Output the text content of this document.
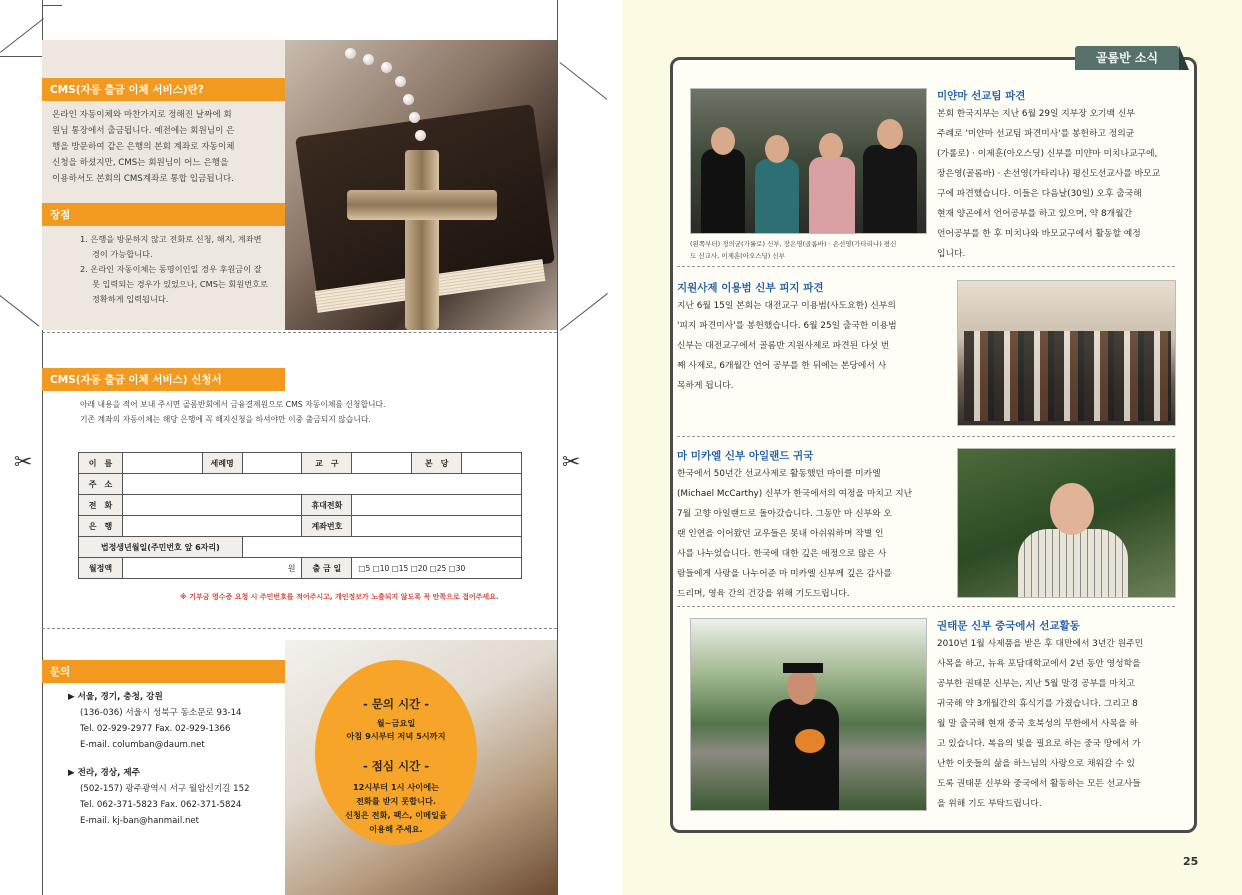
CMS(자동 출금 이체 서비스)란?
온라인 자동이체와 마찬가지로 정해진 날짜에 회
원님 통장에서 출금됩니다. 예전에는 회원님이 은
행을 방문하여 같은 은행의 본회 계좌로 자동이체
신청을 하셨지만, CMS는 회원님이 어느 은행을
이용하셔도 본회의 CMS계좌로 통합 입금됩니다.
장점
1. 은행을 방문하지 않고 전화로 신청, 해지, 계좌변
경이 가능합니다.
2. 온라인 자동이체는 동명이인일 경우 후원금이 잘
못 입력되는 경우가 있었으나, CMS는 회원번호로
정확하게 입력됩니다.
CMS(자동 출금 이체 서비스) 신청서
아래 내용을 적어 보내 주시면 골롬반회에서 금융결제원으로 CMS 자동이체를 신청합니다.
기존 계좌의 자동이체는 해당 은행에 꼭 해지신청을 하셔야만 이중 출금되지 않습니다.
✂	✂
이　름		세례명		교　구		본　당	
주　소							
전　화				휴대전화			
은　행				계좌번호			
법정생년월일(주민번호 앞 6자리)							
월정액	원			출 금 일	□5 □10 □15 □20 □25 □30		
※ 기부금 영수증 요청 시 주민번호를 적어주시고, 개인정보가 노출되지 않도록 꼭 안쪽으로 접어주세요.
문의
▶ 서울, 경기, 충청, 강원
(136-036) 서울시 성북구 동소문로 93-14
Tel. 02-929-2977 Fax. 02-929-1366
E-mail. columban@daum.net
▶ 전라, 경상, 제주
(502-157) 광주광역시 서구 월암신기길 152
Tel. 062-371-5823 Fax. 062-371-5824
E-mail. kj-ban@hanmail.net
- 문의 시간 -
월~금요일
아침 9시부터 저녁 5시까지
- 점심 시간 -
12시부터 1시 사이에는
전화를 받지 못합니다.
신청은 전화, 팩스, 이메일을
이용해 주세요.
골롬반 소식
(왼쪽부터) 정의균(가롤로) 신부, 장은영(골롬바) · 손선영(가타리나) 평신
도 선교사, 이제훈(아오스딩) 신부
미얀마 선교팀 파견
본회 한국지부는 지난 6월 29일 지부장 오기백 신부
주례로 '미얀마 선교팀 파견미사'를 봉헌하고 정의균
(가롤로) · 이제훈(아오스딩) 신부를 미얀마 미치나교구에,
장은영(골롬바) · 손선영(가타리나) 평신도선교사를 바모교
구에 파견했습니다. 이들은 다음날(30일) 오후 출국해
현재 양곤에서 언어공부를 하고 있으며, 약 8개월간
언어공부를 한 후 미치나와 바모교구에서 활동할 예정
입니다.
지원사제 이용범 신부 피지 파견
지난 6월 15일 본회는 대전교구 이용범(사도요한) 신부의
'피지 파견미사'를 봉헌했습니다. 6월 25일 출국한 이용범
신부는 대전교구에서 골롬반 지원사제로 파견된 다섯 번
째 사제로, 6개월간 언어 공부를 한 뒤에는 본당에서 사
목하게 됩니다.
마 미카엘 신부 아일랜드 귀국
한국에서 50년간 선교사제로 활동했던 마이클 미카엘
(Michael McCarthy) 신부가 한국에서의 여정을 마치고 지난
7월 고향 아일랜드로 돌아갔습니다. 그동안 마 신부와 오
랜 인연을 이어왔던 교우들은 못내 아쉬워하며 작별 인
사를 나누었습니다. 한국에 대한 깊은 애정으로 많은 사
람들에게 사랑을 나누어준 마 미카엘 신부께 깊은 감사를
드리며, 영육 간의 건강을 위해 기도드립니다.
권태문 신부 중국에서 선교활동
2010년 1월 사제품을 받은 후 대만에서 3년간 원주민
사목을 하고, 뉴욕 포담대학교에서 2년 동안 영성학을
공부한 권태문 신부는, 지난 5월 말경 공부를 마치고
귀국해 약 3개월간의 휴식기를 가졌습니다. 그리고 8
월 말 출국해 현재 중국 호북성의 무한에서 사목을 하
고 있습니다. 복음의 빛을 필요로 하는 중국 땅에서 가
난한 이웃들의 삶을 하느님의 사랑으로 채워갈 수 있
도록 권태문 신부와 중국에서 활동하는 모든 선교사들
을 위해 기도 부탁드립니다.
25
